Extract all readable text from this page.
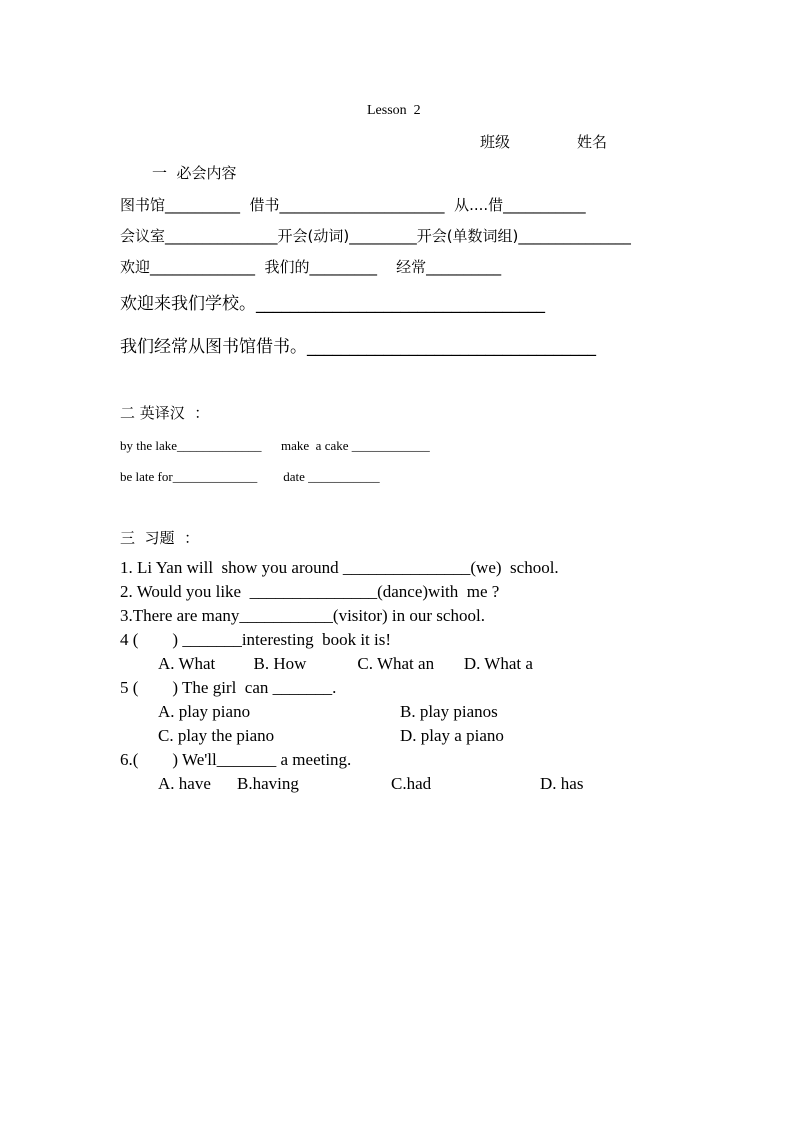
Lesson  2
班级	姓名
一  必会内容
图书馆__________  借书______________________  从....借___________
会议室_______________开会(动词)_________开会(单数词组)_______________
欢迎______________  我们的_________    经常__________
欢迎来我们学校。__________________________________
我们经常从图书馆借书。__________________________________
二 英译汉  ：
by the lake_____________      make  a cake ____________
be late for_____________        date ___________
三  习题  ：
1. Li Yan will  show you around _______________(we)  school.
2. Would you like  _______________(dance)with  me ?
3.There are many___________(visitor) in our school.
4 (        ) _______interesting  book it is!
A. What         B. How            C. What an       D. What a
5 (        ) The girl  can _______.
A. play piano	B. play pianos
C. play the piano	D. play a piano
6.(        ) We'll_______ a meeting.
A. have B.having	C.had	D. has
